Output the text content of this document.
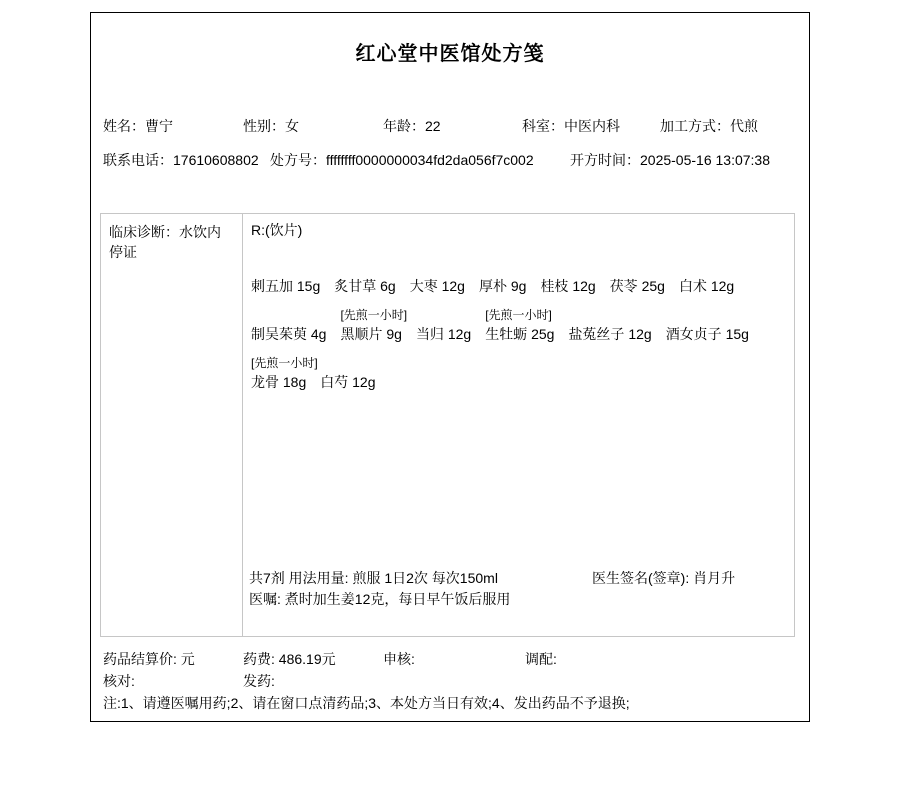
红心堂中医馆处方笺
姓名：曹宁	性别：女	年龄：22	科室：中医内科	加工方式：代煎
联系电话：17610608802 处方号：ffffffff0000000034fd2da056f7c002	开方时间：2025-05-16 13:07:38
临床诊断：水饮内停证
R:(饮片)
刺五加 15g 炙甘草 6g 大枣 12g 厚朴 9g 桂枝 12g 茯苓 25g 白术 12g
制吴茱萸 4g
[先煎一小时]
黑顺片 9g 当归 12g
[先煎一小时]
生牡蛎 25g 盐菟丝子 12g 酒女贞子 15g
[先煎一小时]
龙骨 18g 白芍 12g
共7剂 用法用量: 煎服 1日2次 每次150ml	医生签名(签章): 肖月升
医嘱: 煮时加生姜12克，每日早午饭后服用
药品结算价: 元	药费: 486.19元	申核:	调配:
核对:	发药:
注:1、请遵医嘱用药;2、请在窗口点清药品;3、本处方当日有效;4、发出药品不予退换;
